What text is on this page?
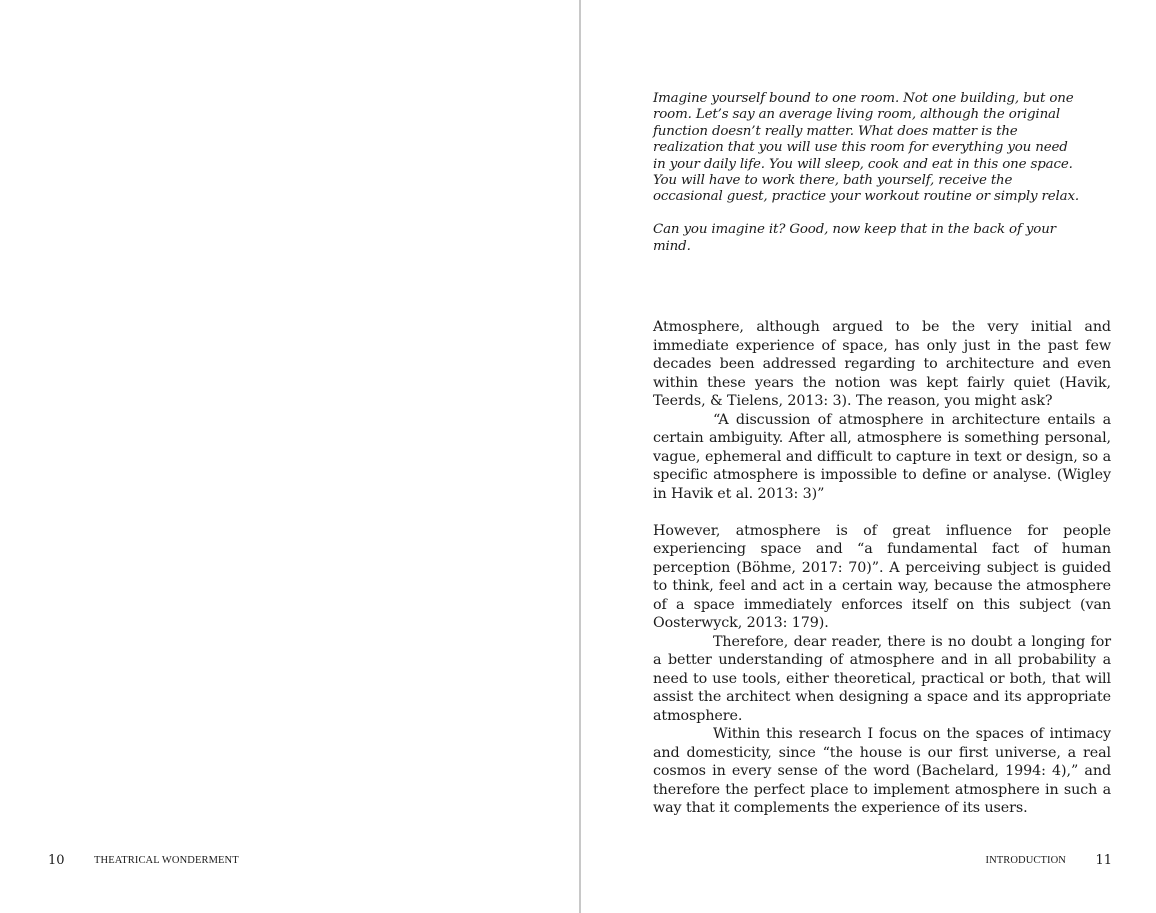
10	THEATRICAL WONDERMENT

Imagine yourself bound to one room. Not one building, but one room. Let’s say an average living room, although the original function doesn’t really matter. What does matter is the realization that you will use this room for everything you need in your daily life. You will sleep, cook and eat in this one space. You will have to work there, bath yourself, receive the occasional guest, practice your workout routine or simply relax.

Can you imagine it? Good, now keep that in the back of your mind.

Atmosphere, although argued to be the very initial and immediate experience of space, has only just in the past few decades been addressed regarding to architecture and even within these years the notion was kept fairly quiet (Havik, Teerds, & Tielens, 2013: 3). The reason, you might ask?

“A discussion of atmosphere in architecture entails a certain ambiguity. After all, atmosphere is something personal, vague, ephemeral and difficult to capture in text or design, so a specific atmosphere is impossible to define or analyse. (Wigley in Havik et al. 2013: 3)”

However, atmosphere is of great influence for people experiencing space and “a fundamental fact of human perception (Böhme, 2017: 70)”. A perceiving subject is guided to think, feel and act in a certain way, because the atmosphere of a space immediately enforces itself on this subject (van Oosterwyck, 2013: 179).

Therefore, dear reader, there is no doubt a longing for a better understanding of atmosphere and in all probability a need to use tools, either theoretical, practical or both, that will assist the architect when designing a space and its appropriate atmosphere.

Within this research I focus on the spaces of intimacy and domesticity, since “the house is our first universe, a real cosmos in every sense of the word (Bachelard, 1994: 4),” and therefore the perfect place to implement atmosphere in such a way that it complements the experience of its users.

INTRODUCTION 11
